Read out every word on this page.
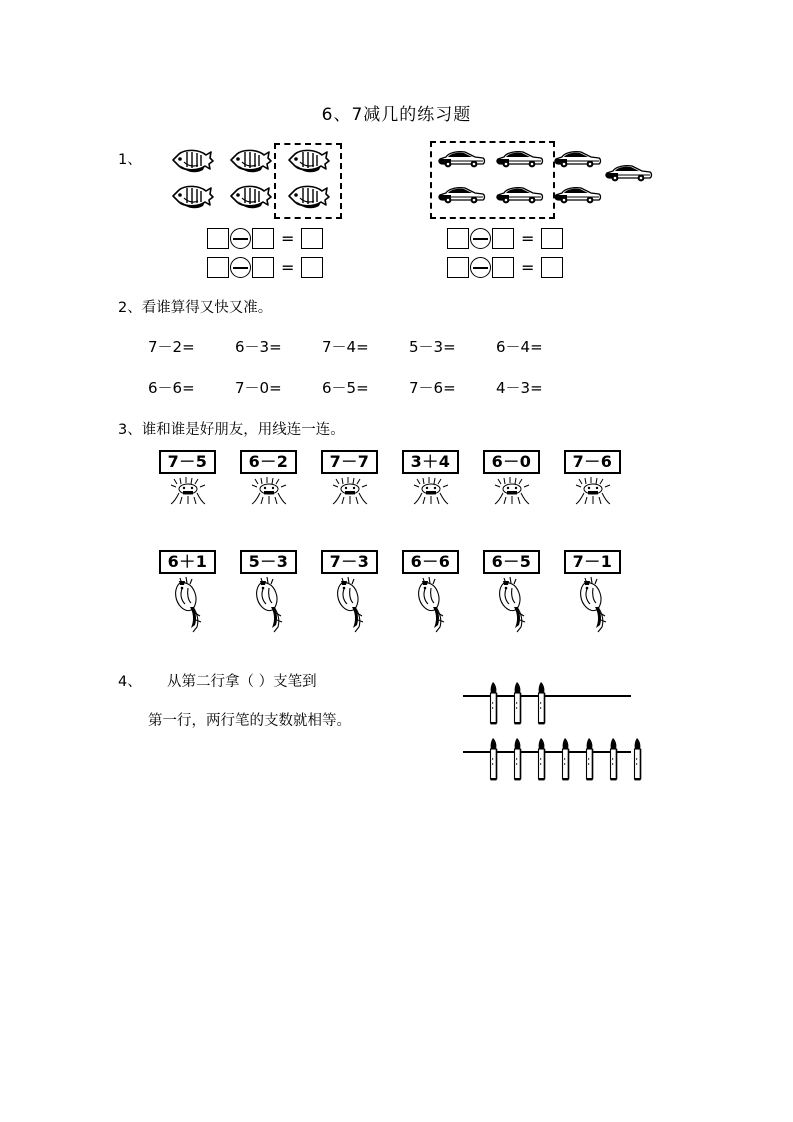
6、7减几的练习题
1、
=
=
=
=
2、看谁算得又快又准。
7－2=	6－3=	7－4=	5－3=	6－4=
6－6=	7－0=	6－5=	7－6=	4－3=
3、谁和谁是好朋友，用线连一连。
7－5	6－2	7－7	3＋4	6－0	7－6
6＋1	5－3	7－3	6－6	6－5	7－1
4、 从第二行拿（ ）支笔到
第一行，两行笔的支数就相等。
